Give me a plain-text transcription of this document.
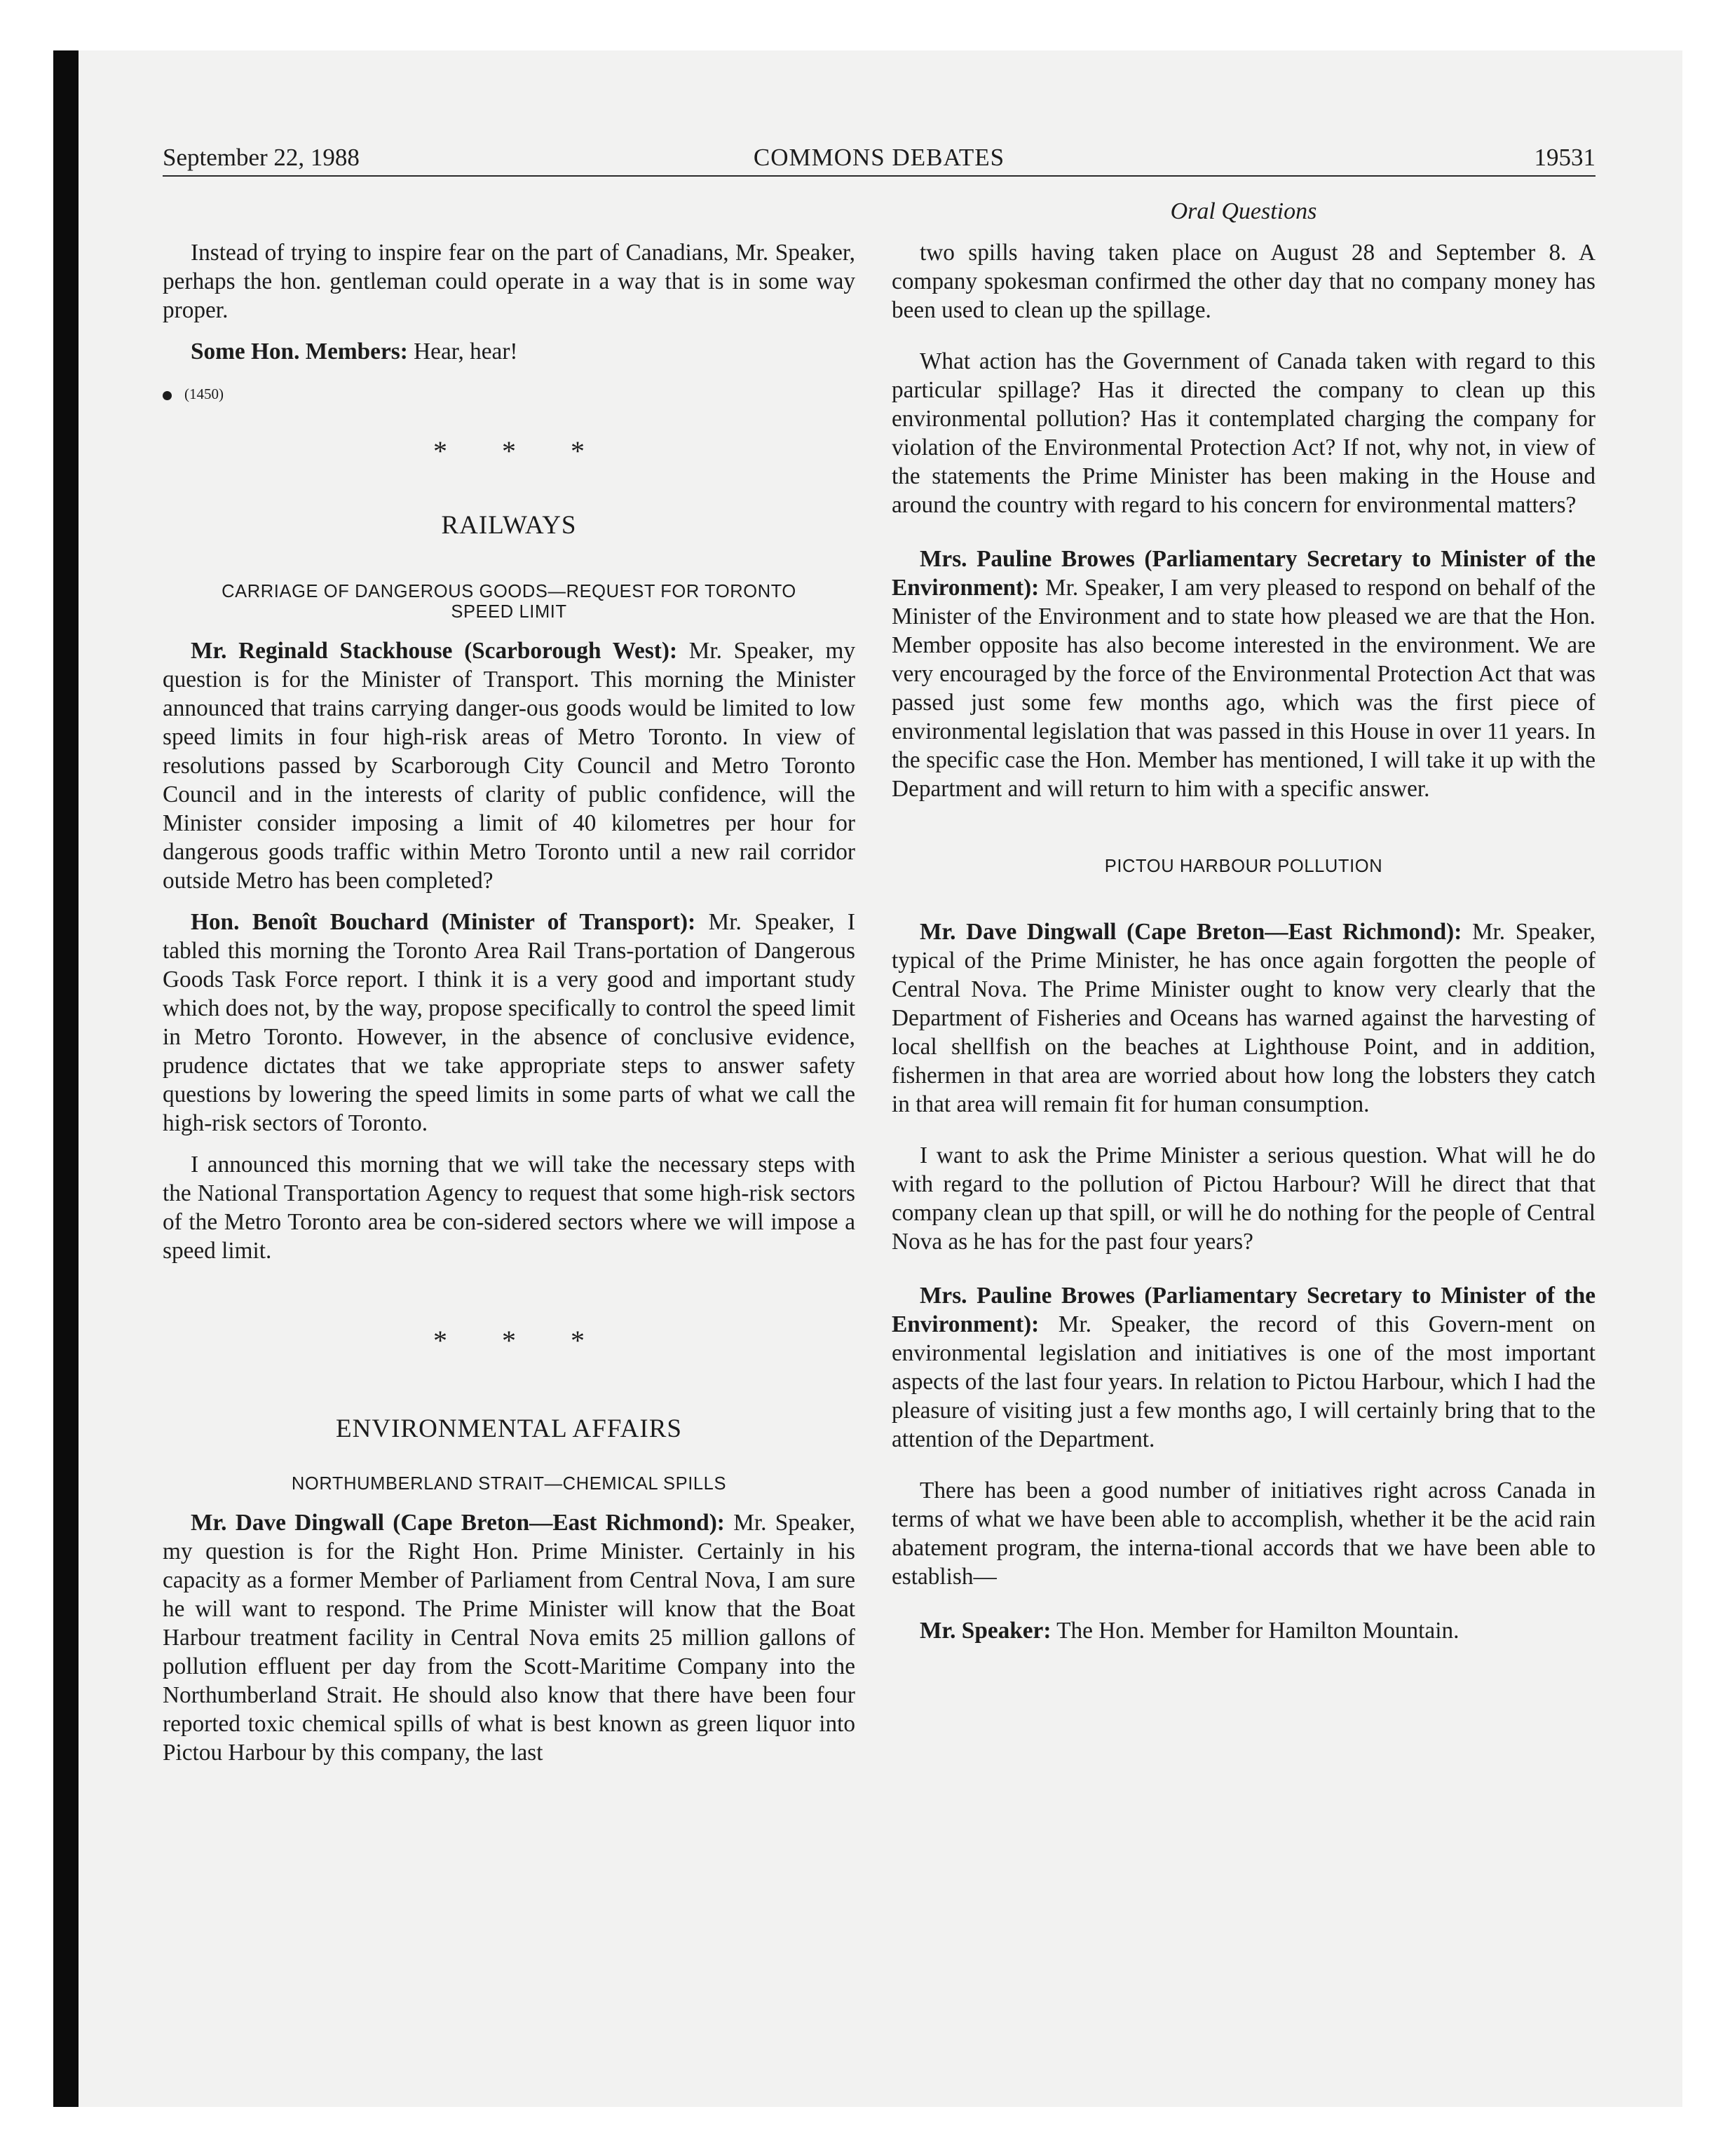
September 22, 1988	COMMONS DEBATES	19531
Oral Questions

Instead of trying to inspire fear on the part of Canadians, Mr. Speaker, perhaps the hon. gentleman could operate in a way that is in some way proper.

Some Hon. Members: Hear, hear!

(1450)

* * *

RAILWAYS

CARRIAGE OF DANGEROUS GOODS—REQUEST FOR TORONTO SPEED LIMIT

Mr. Reginald Stackhouse (Scarborough West): Mr. Speaker, my question is for the Minister of Transport. This morning the Minister announced that trains carrying danger-ous goods would be limited to low speed limits in four high-risk areas of Metro Toronto. In view of resolutions passed by Scarborough City Council and Metro Toronto Council and in the interests of clarity of public confidence, will the Minister consider imposing a limit of 40 kilometres per hour for dangerous goods traffic within Metro Toronto until a new rail corridor outside Metro has been completed?

Hon. Benoît Bouchard (Minister of Transport): Mr. Speaker, I tabled this morning the Toronto Area Rail Trans-portation of Dangerous Goods Task Force report. I think it is a very good and important study which does not, by the way, propose specifically to control the speed limit in Metro Toronto. However, in the absence of conclusive evidence, prudence dictates that we take appropriate steps to answer safety questions by lowering the speed limits in some parts of what we call the high-risk sectors of Toronto.

I announced this morning that we will take the necessary steps with the National Transportation Agency to request that some high-risk sectors of the Metro Toronto area be con-sidered sectors where we will impose a speed limit.

* * *

ENVIRONMENTAL AFFAIRS

NORTHUMBERLAND STRAIT—CHEMICAL SPILLS

Mr. Dave Dingwall (Cape Breton—East Richmond): Mr. Speaker, my question is for the Right Hon. Prime Minister. Certainly in his capacity as a former Member of Parliament from Central Nova, I am sure he will want to respond. The Prime Minister will know that the Boat Harbour treatment facility in Central Nova emits 25 million gallons of pollution effluent per day from the Scott-Maritime Company into the Northumberland Strait. He should also know that there have been four reported toxic chemical spills of what is best known as green liquor into Pictou Harbour by this company, the last

two spills having taken place on August 28 and September 8. A company spokesman confirmed the other day that no company money has been used to clean up the spillage.

What action has the Government of Canada taken with regard to this particular spillage? Has it directed the company to clean up this environmental pollution? Has it contemplated charging the company for violation of the Environmental Protection Act? If not, why not, in view of the statements the Prime Minister has been making in the House and around the country with regard to his concern for environmental matters?

Mrs. Pauline Browes (Parliamentary Secretary to Minister of the Environment): Mr. Speaker, I am very pleased to respond on behalf of the Minister of the Environment and to state how pleased we are that the Hon. Member opposite has also become interested in the environment. We are very encouraged by the force of the Environmental Protection Act that was passed just some few months ago, which was the first piece of environmental legislation that was passed in this House in over 11 years. In the specific case the Hon. Member has mentioned, I will take it up with the Department and will return to him with a specific answer.

PICTOU HARBOUR POLLUTION

Mr. Dave Dingwall (Cape Breton—East Richmond): Mr. Speaker, typical of the Prime Minister, he has once again forgotten the people of Central Nova. The Prime Minister ought to know very clearly that the Department of Fisheries and Oceans has warned against the harvesting of local shellfish on the beaches at Lighthouse Point, and in addition, fishermen in that area are worried about how long the lobsters they catch in that area will remain fit for human consumption.

I want to ask the Prime Minister a serious question. What will he do with regard to the pollution of Pictou Harbour? Will he direct that that company clean up that spill, or will he do nothing for the people of Central Nova as he has for the past four years?

Mrs. Pauline Browes (Parliamentary Secretary to Minister of the Environment): Mr. Speaker, the record of this Govern-ment on environmental legislation and initiatives is one of the most important aspects of the last four years. In relation to Pictou Harbour, which I had the pleasure of visiting just a few months ago, I will certainly bring that to the attention of the Department.

There has been a good number of initiatives right across Canada in terms of what we have been able to accomplish, whether it be the acid rain abatement program, the interna-tional accords that we have been able to establish—

Mr. Speaker: The Hon. Member for Hamilton Mountain.
